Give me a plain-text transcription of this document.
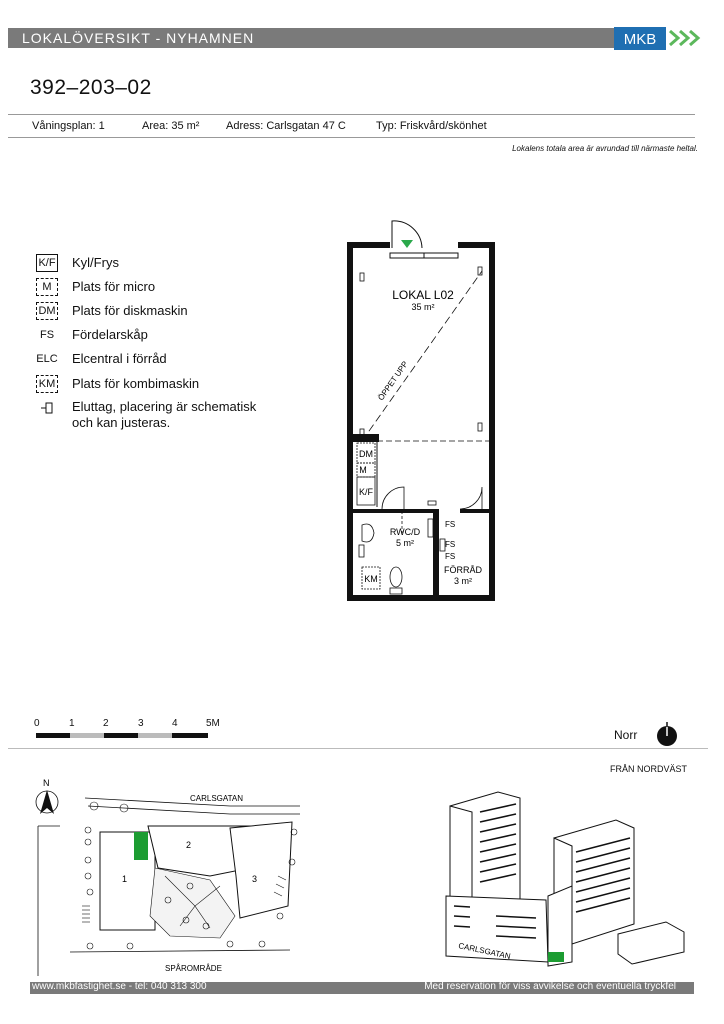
LOKALÖVERSIKT - NYHAMNEN	MKB
392–203–02
Våningsplan: 1	Area: 35 m² Adress: Carlsgatan 47 C	Typ: Friskvård/skönhet
Lokalens totala area är avrundad till närmaste heltal.
K/F Kyl/Frys
M	Plats för micro
DM Plats för diskmaskin
FS	Fördelarskåp
ELC Elcentral i förråd
KM Plats för kombimaskin
Eluttag, placering är schematisk
och kan justeras.
DM
M
K/F
KM
FS
FS
FS
LOKAL L02
35 m²
ÖPPET UPP
RWC/D
5 m²
FÖRRÅD
3 m²
0	1	2	3	4	5M
Norr
FRÅN NORDVÄST
N
CARLSGATAN
1
2
3
SPÅROMRÅDE
CARLSGATAN
www.mkbfastighet.se - tel: 040 313 300	Med reservation för viss avvikelse och eventuella tryckfel
